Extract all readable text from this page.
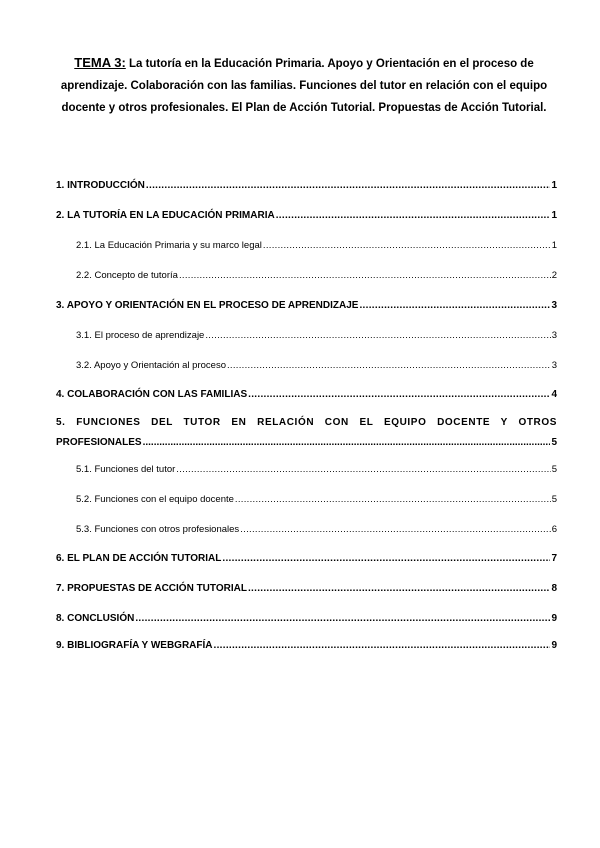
TEMA 3: La tutoría en la Educación Primaria. Apoyo y Orientación en el proceso de aprendizaje. Colaboración con las familias. Funciones del tutor en relación con el equipo docente y otros profesionales. El Plan de Acción Tutorial. Propuestas de Acción Tutorial.
1. INTRODUCCIÓN .....	1
2. LA TUTORÍA EN LA EDUCACIÓN PRIMARIA .....	1
2.1. La Educación Primaria y su marco legal .....	1
2.2. Concepto de tutoría .....	2
3. APOYO Y ORIENTACIÓN EN EL PROCESO DE APRENDIZAJE .....	3
3.1. El proceso de aprendizaje .....	3
3.2. Apoyo y Orientación al proceso .....	3
4. COLABORACIÓN CON LAS FAMILIAS .....	4
5. FUNCIONES DEL TUTOR EN RELACIÓN CON EL EQUIPO DOCENTE Y OTROS
PROFESIONALES .....	5
5.1. Funciones del tutor .....	5
5.2. Funciones con el equipo docente .....	5
5.3. Funciones con otros profesionales .....	6
6. EL PLAN DE ACCIÓN TUTORIAL .....	7
7. PROPUESTAS DE ACCIÓN TUTORIAL .....	8
8. CONCLUSIÓN .....	9
9. BIBLIOGRAFÍA Y WEBGRAFÍA .....	9
